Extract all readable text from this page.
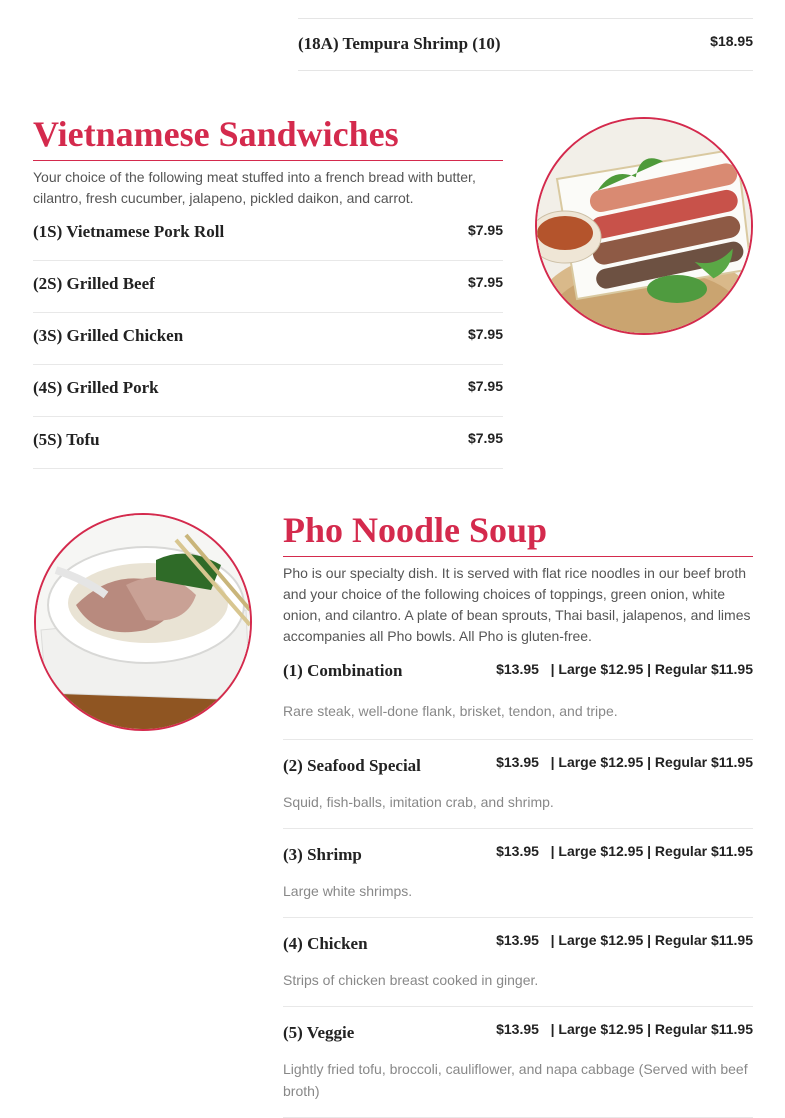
(18A) Tempura Shrimp (10)	$18.95
Vietnamese Sandwiches

Your choice of the following meat stuffed into a french bread with butter, cilantro, fresh cucumber, jalapeno, pickled daikon, and carrot.

(1S) Vietnamese Pork Roll	$7.95
(2S) Grilled Beef	$7.95
(3S) Grilled Chicken	$7.95
(4S) Grilled Pork	$7.95
(5S) Tofu	$7.95
Pho Noodle Soup

Pho is our specialty dish. It is served with flat rice noodles in our beef broth and your choice of the following choices of toppings, green onion, white onion, and cilantro. A plate of bean sprouts, Thai basil, jalapenos, and limes accompanies all Pho bowls. All Pho is gluten-free.

(1) Combination	$13.95 | Large $12.95 | Regular $11.95
Rare steak, well-done flank, brisket, tendon, and tripe.
(2) Seafood Special	$13.95 | Large $12.95 | Regular $11.95
Squid, fish-balls, imitation crab, and shrimp.
(3) Shrimp	$13.95 | Large $12.95 | Regular $11.95
Large white shrimps.
(4) Chicken	$13.95 | Large $12.95 | Regular $11.95
Strips of chicken breast cooked in ginger.
(5) Veggie	$13.95 | Large $12.95 | Regular $11.95
Lightly fried tofu, broccoli, cauliflower, and napa cabbage (Served with beef broth)
